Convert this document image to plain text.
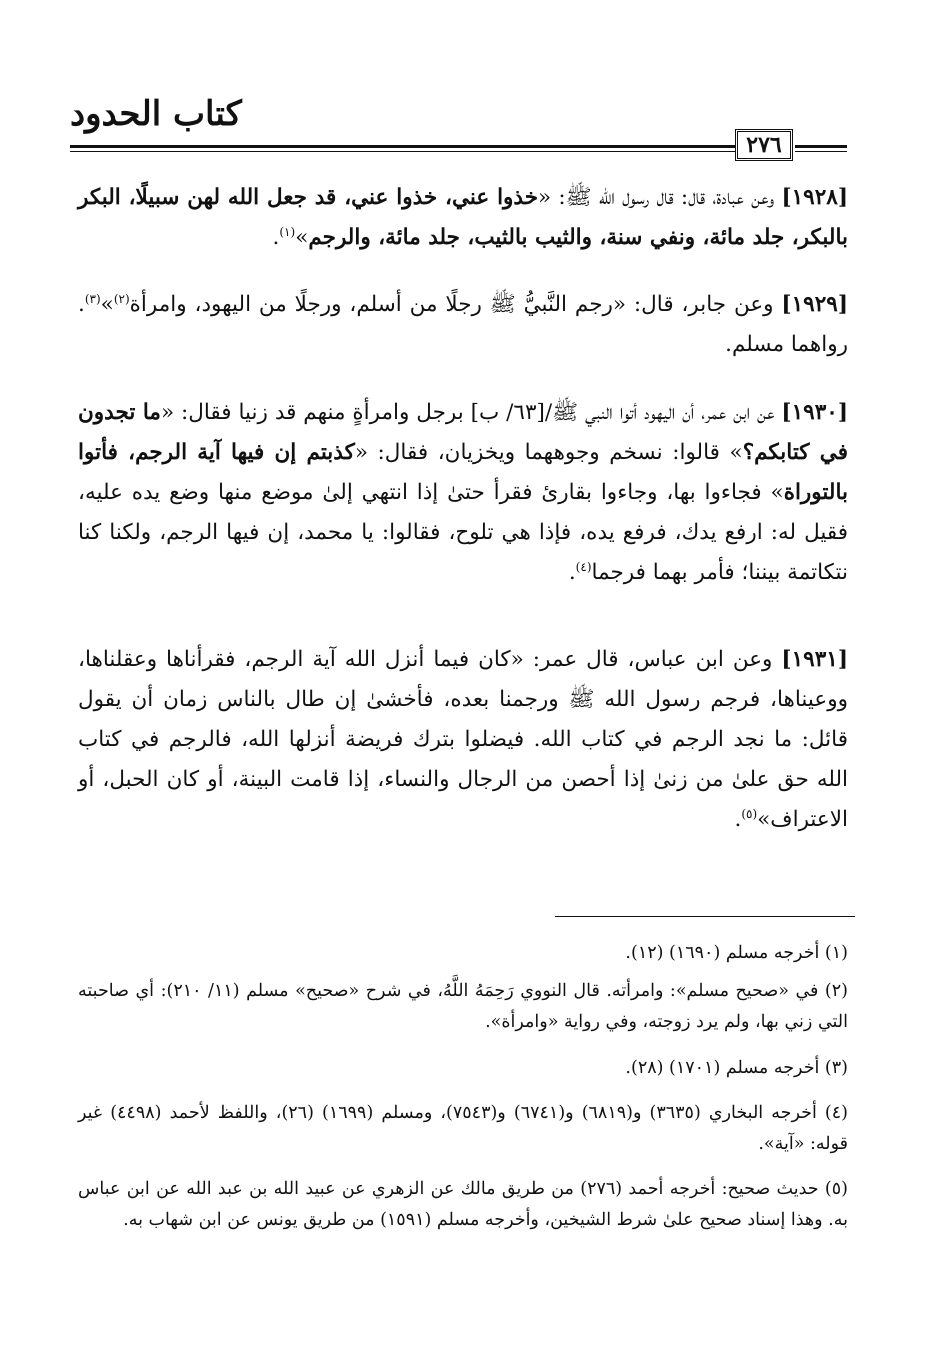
كتاب الحدود
٢٧٦

[١٩٢٨] وعن عبادة، قال: قال رسول الله ﷺ: «خذوا عني، خذوا عني، قد جعل الله لهن سبيلًا، البكر بالبكر، جلد مائة، ونفي سنة، والثيب بالثيب، جلد مائة، والرجم»$^{(١)}$.

[١٩٢٩] وعن جابر، قال: «رجم النَّبيُّ ﷺ رجلًا من أسلم، ورجلًا من اليهود، وامرأة$^{(٢)}$»$^{(٣)}$. رواهما مسلم.

[١٩٣٠] عن ابن عمر، أن اليهود أتوا النبي ﷺ/[٦٣/ ب] برجل وامرأةٍ منهم قد زنيا فقال: «ما تجدون في كتابكم؟» قالوا: نسخم وجوههما ويخزيان، فقال: «كذبتم إن فيها آية الرجم، فأتوا بالتوراة» فجاءوا بها، وجاءوا بقارئ فقرأ حتىٰ إذا انتهي إلىٰ موضع منها وضع يده عليه، فقيل له: ارفع يدك، فرفع يده، فإذا هي تلوح، فقالوا: يا محمد، إن فيها الرجم، ولكنا كنا نتكاتمة بيننا؛ فأمر بهما فرجما$^{(٤)}$.

[١٩٣١] وعن ابن عباس، قال عمر: «كان فيما أنزل الله آية الرجم، فقرأناها وعقلناها، ووعيناها، فرجم رسول الله ﷺ ورجمنا بعده، فأخشىٰ إن طال بالناس زمان أن يقول قائل: ما نجد الرجم في كتاب الله. فيضلوا بترك فريضة أنزلها الله، فالرجم في كتاب الله حق علىٰ من زنىٰ إذا أحصن من الرجال والنساء، إذا قامت البينة، أو كان الحبل، أو الاعتراف»$^{(٥)}$.

(١) أخرجه مسلم (١٦٩٠) (١٢).

(٢) في «صحيح مسلم»: وامرأته. قال النووي رَحِمَهُ اللَّهُ، في شرح «صحيح» مسلم (١١/ ٢١٠): أي صاحبته التي زني بها، ولم يرد زوجته، وفي رواية «وامرأة».

(٣) أخرجه مسلم (١٧٠١) (٢٨).

(٤) أخرجه البخاري (٣٦٣٥) و(٦٨١٩) و(٦٧٤١) و(٧٥٤٣)، ومسلم (١٦٩٩) (٢٦)، واللفظ لأحمد (٤٤٩٨) غير قوله: «آية».

(٥) حديث صحيح: أخرجه أحمد (٢٧٦) من طريق مالك عن الزهري عن عبيد الله بن عبد الله عن ابن عباس به. وهذا إسناد صحيح علىٰ شرط الشيخين، وأخرجه مسلم (١٥٩١) من طريق يونس عن ابن شهاب به.
